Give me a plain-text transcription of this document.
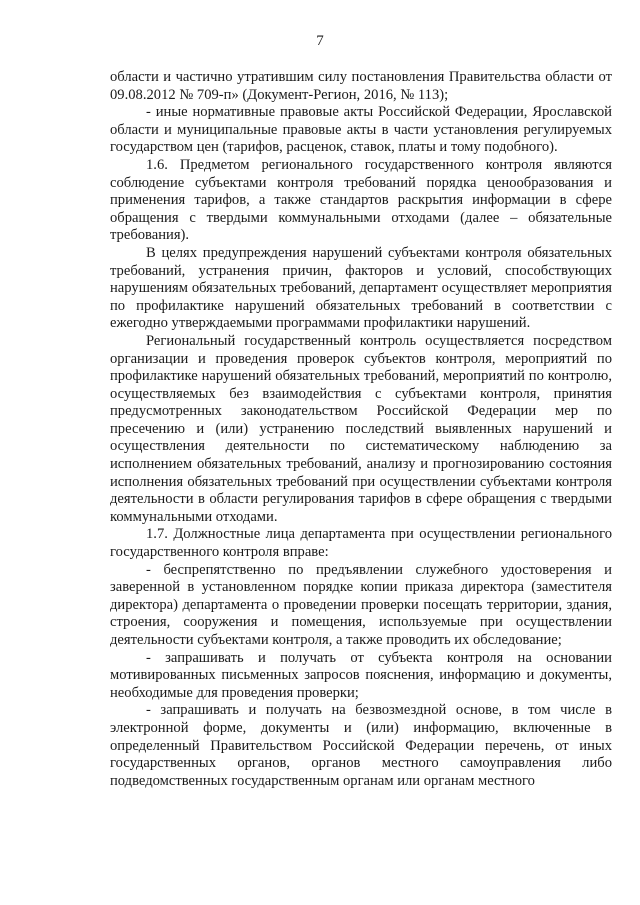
7

области и частично утратившим силу постановления Правительства области от 09.08.2012 № 709-п» (Документ-Регион, 2016, № 113);

- иные нормативные правовые акты Российской Федерации, Ярославской области и муниципальные правовые акты в части установления регулируемых государством цен (тарифов, расценок, ставок, платы и тому подобного).

1.6. Предметом регионального государственного контроля являются соблюдение субъектами контроля требований порядка ценообразования и применения тарифов, а также стандартов раскрытия информации в сфере обращения с твердыми коммунальными отходами (далее – обязательные требования).

В целях предупреждения нарушений субъектами контроля обязательных требований, устранения причин, факторов и условий, способствующих нарушениям обязательных требований, департамент осуществляет мероприятия по профилактике нарушений обязательных требований в соответствии с ежегодно утверждаемыми программами профилактики нарушений.

Региональный государственный контроль осуществляется посредством организации и проведения проверок субъектов контроля, мероприятий по профилактике нарушений обязательных требований, мероприятий по контролю, осуществляемых без взаимодействия с субъектами контроля, принятия предусмотренных законодательством Российской Федерации мер по пресечению и (или) устранению последствий выявленных нарушений и осуществления деятельности по систематическому наблюдению за исполнением обязательных требований, анализу и прогнозированию состояния исполнения обязательных требований при осуществлении субъектами контроля деятельности в области регулирования тарифов в сфере обращения с твердыми коммунальными отходами.

1.7. Должностные лица департамента при осуществлении регионального государственного контроля вправе:

- беспрепятственно по предъявлении служебного удостоверения и заверенной в установленном порядке копии приказа директора (заместителя директора) департамента о проведении проверки посещать территории, здания, строения, сооружения и помещения, используемые при осуществлении деятельности субъектами контроля, а также проводить их обследование;

- запрашивать и получать от субъекта контроля на основании мотивированных письменных запросов пояснения, информацию и документы, необходимые для проведения проверки;

- запрашивать и получать на безвозмездной основе, в том числе в электронной форме, документы и (или) информацию, включенные в определенный Правительством Российской Федерации перечень, от иных государственных органов, органов местного самоуправления либо подведомственных государственным органам или органам местного
